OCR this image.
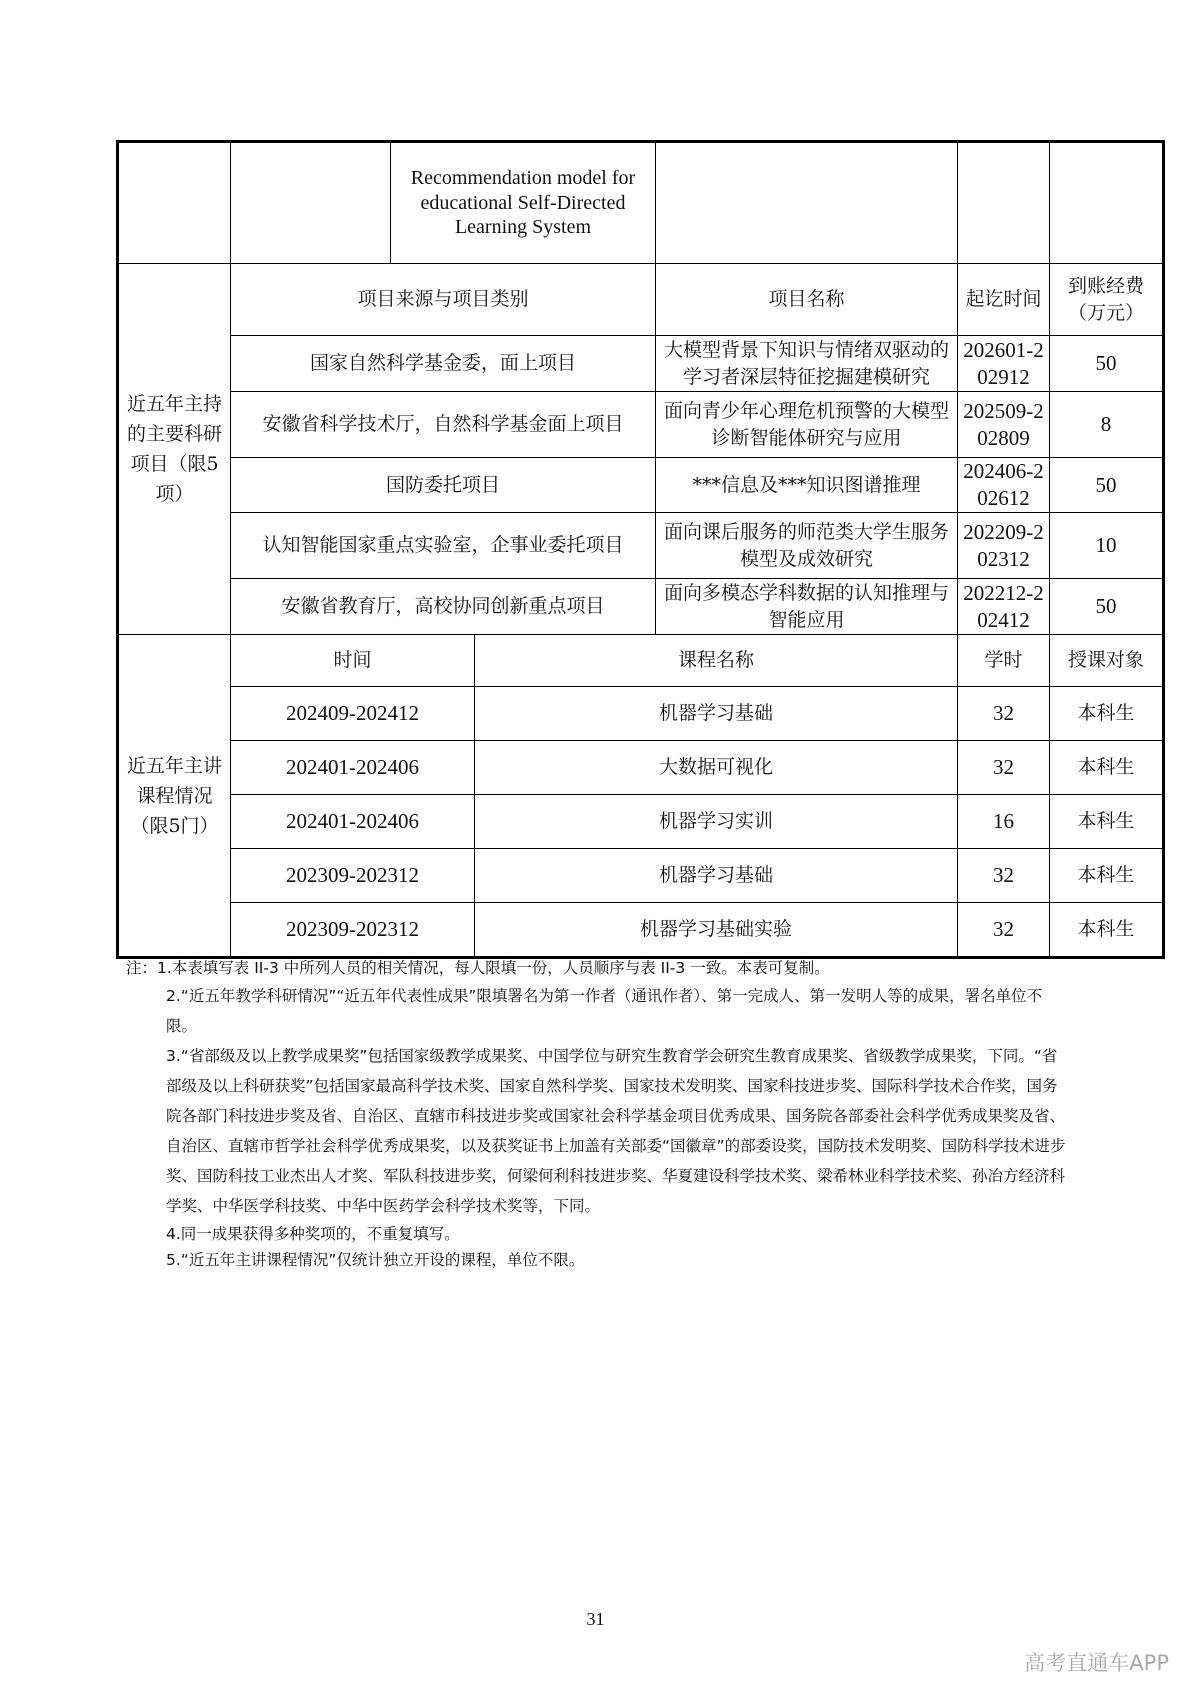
		Recommendation model for educational Self-Directed Learning System				
近五年主持的主要科研项目（限5项）	项目来源与项目类别			项目名称	起讫时间	到账经费（万元）
	国家自然科学基金委，面上项目			大模型背景下知识与情绪双驱动的学习者深层特征挖掘建模研究	202601-202912	50
	安徽省科学技术厅，自然科学基金面上项目			面向青少年心理危机预警的大模型诊断智能体研究与应用	202509-202809	8
	国防委托项目			***信息及***知识图谱推理	202406-202612	50
	认知智能国家重点实验室，企事业委托项目			面向课后服务的师范类大学生服务模型及成效研究	202209-202312	10
	安徽省教育厅，高校协同创新重点项目			面向多模态学科数据的认知推理与智能应用	202212-202412	50
近五年主讲课程情况（限5门）	时间		课程名称		学时	授课对象
	202409-202412		机器学习基础		32	本科生
	202401-202406		大数据可视化		32	本科生
	202401-202406		机器学习实训		16	本科生
	202309-202312		机器学习基础		32	本科生
	202309-202312		机器学习基础实验		32	本科生

注：1.本表填写表 II-3 中所列人员的相关情况，每人限填一份，人员顺序与表 II-3 一致。本表可复制。

2.“近五年教学科研情况”“近五年代表性成果”限填署名为第一作者（通讯作者）、第一完成人、第一发明人等的成果，署名单位不限。

3.“省部级及以上教学成果奖”包括国家级教学成果奖、中国学位与研究生教育学会研究生教育成果奖、省级教学成果奖，下同。“省部级及以上科研获奖”包括国家最高科学技术奖、国家自然科学奖、国家技术发明奖、国家科技进步奖、国际科学技术合作奖，国务院各部门科技进步奖及省、自治区、直辖市科技进步奖或国家社会科学基金项目优秀成果、国务院各部委社会科学优秀成果奖及省、自治区、直辖市哲学社会科学优秀成果奖，以及获奖证书上加盖有关部委“国徽章”的部委设奖，国防技术发明奖、国防科学技术进步奖、国防科技工业杰出人才奖、军队科技进步奖，何梁何利科技进步奖、华夏建设科学技术奖、梁希林业科学技术奖、孙冶方经济科学奖、中华医学科技奖、中华中医药学会科学技术奖等，下同。

4.同一成果获得多种奖项的，不重复填写。

5.“近五年主讲课程情况”仅统计独立开设的课程，单位不限。

31
高考直通车APP
